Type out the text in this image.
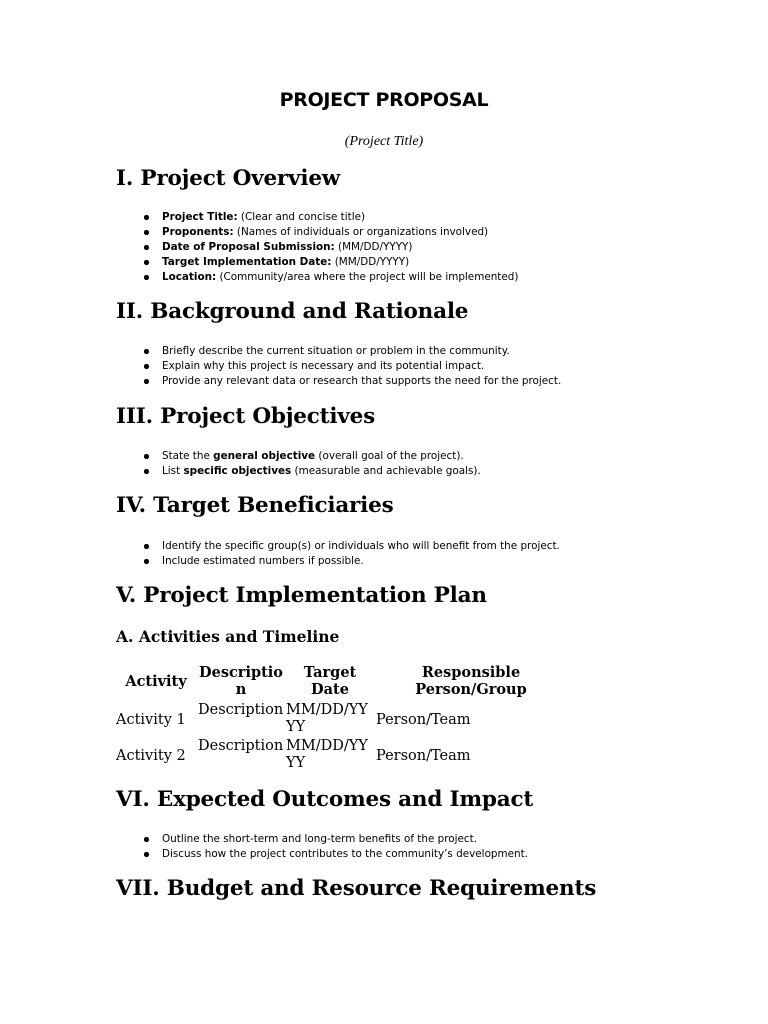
PROJECT PROPOSAL
(Project Title)
I. Project Overview
Project Title: (Clear and concise title)
Proponents: (Names of individuals or organizations involved)
Date of Proposal Submission: (MM/DD/YYYY)
Target Implementation Date: (MM/DD/YYYY)
Location: (Community/area where the project will be implemented)
II. Background and Rationale
Briefly describe the current situation or problem in the community.
Explain why this project is necessary and its potential impact.
Provide any relevant data or research that supports the need for the project.
III. Project Objectives
State the general objective (overall goal of the project).
List specific objectives (measurable and achievable goals).
IV. Target Beneficiaries
Identify the specific group(s) or individuals who will benefit from the project.
Include estimated numbers if possible.
V. Project Implementation Plan
A. Activities and Timeline
Activity
Description
Target Date
Responsible Person/Group
Activity 1
Description MM/DD/YYYY	Person/Team
Activity 2
Description MM/DD/YYYY	Person/Team
VI. Expected Outcomes and Impact
Outline the short-term and long-term benefits of the project.
Discuss how the project contributes to the community’s development.
VII. Budget and Resource Requirements
